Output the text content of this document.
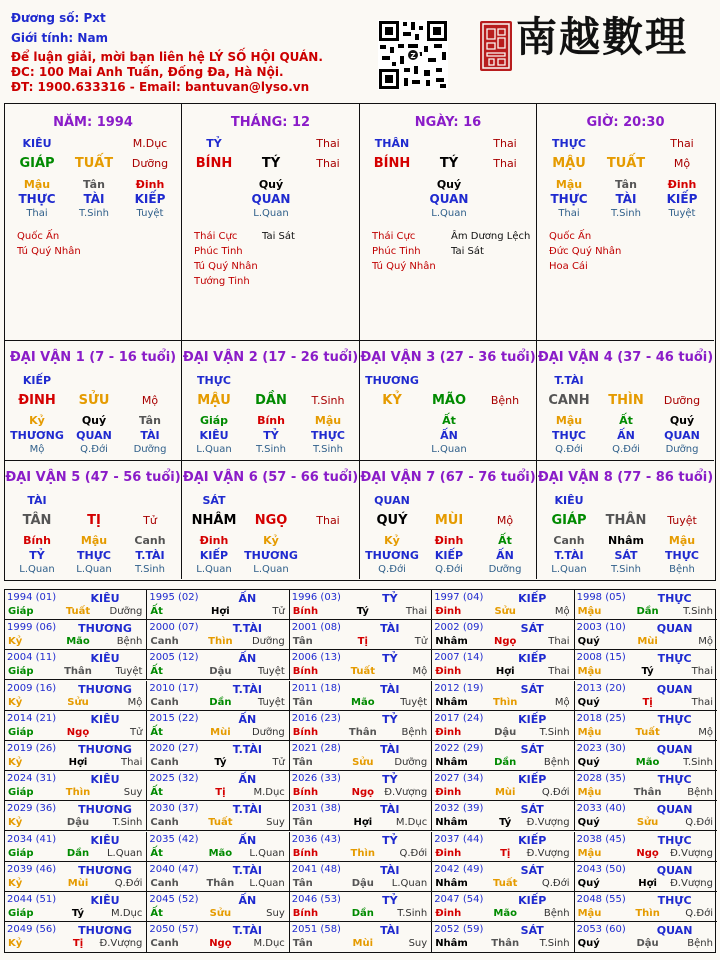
Đương số: Pxt
Giới tính: Nam
Để luận giải, mời bạn liên hệ LÝ SỐ HỘI QUÁN.
ĐC: 100 Mai Anh Tuấn, Đống Đa, Hà Nội.
ĐT: 1900.633316 - Email: bantuvan@lyso.vn
Z 南越數理
NĂM: 1994
KIÊU	M.Dục
GIÁP TUẤT Dưỡng
Mậu
THỰC
Thai
Tân
TÀI
T.Sinh
Đinh
KIẾP
Tuyệt
Quốc Ấn
Tú Quý Nhân
THÁNG: 12
TỶ	Thai
BÍNH TÝ	Thai
Quý
QUAN
L.Quan
Thái Cực
Phúc Tinh
Tú Quý Nhân
Tướng Tinh
Tai Sát
NGÀY: 16
THÂN	Thai
BÍNH TÝ	Thai
Quý
QUAN
L.Quan
Thái Cực
Phúc Tinh
Tú Quý Nhân
Âm Dương Lệch
Tai Sát
GIỜ: 20:30
THỰC	Thai
MẬU TUẤT	Mộ
Mậu
THỰC
Thai
Tân
TÀI
T.Sinh
Đinh
KIẾP
Tuyệt
Quốc Ấn
Đức Quý Nhân
Hoa Cái
ĐẠI VẬN 1 (7 - 16 tuổi)
KIẾP
ĐINH SỬU	Mộ
Kỷ
THƯƠNG
Mộ
Quý
QUAN
Q.Đới
Tân
TÀI
Dưỡng
ĐẠI VẬN 2 (17 - 26 tuổi)
THỰC
MẬU DẦN T.Sinh
Giáp
KIÊU
L.Quan
Bính
TỶ
T.Sinh
Mậu
THỰC
T.Sinh
ĐẠI VẬN 3 (27 - 36 tuổi)
THƯƠNG
KỶ MÃO Bệnh
Ất
ẤN
L.Quan
ĐẠI VẬN 4 (37 - 46 tuổi)
T.TÀI
CANH THÌN Dưỡng
Mậu
THỰC
Q.Đới
Ất
ẤN
Q.Đới
Quý
QUAN
Dưỡng
ĐẠI VẬN 5 (47 - 56 tuổi)
TÀI
TÂN	TỊ	Tử
Bính
TỶ
L.Quan
Mậu
THỰC
L.Quan
Canh
T.TÀI
T.Sinh
ĐẠI VẬN 6 (57 - 66 tuổi)
SÁT
NHÂM NGỌ	Thai
Đinh
KIẾP
L.Quan
Kỷ
THƯƠNG
L.Quan
ĐẠI VẬN 7 (67 - 76 tuổi)
QUAN
QUÝ MÙI	Mộ
Kỷ
THƯƠNG
Q.Đới
Đinh
KIẾP
Q.Đới
Ất
ẤN
Dưỡng
ĐẠI VẬN 8 (77 - 86 tuổi)
KIÊU
GIÁP THÂN Tuyệt
Canh
T.TÀI
L.Quan
Nhâm
SÁT
T.Sinh
Mậu
THỰC
Bệnh
1994 (01)	KIÊU
Giáp	Tuất	Dưỡng
1995 (02)	ẤN
Ất	Hợi	Tử
1996 (03)	TỶ
Bính	Tý	Thai
1997 (04)	KIẾP
Đinh	Sửu	Mộ
1998 (05)	THỰC
Mậu	Dần	T.Sinh
1999 (06)	THƯƠNG
Kỷ	Mão	Bệnh
2000 (07)	T.TÀI
Canh	Thìn	Dưỡng
2001 (08)	TÀI
Tân	Tị	Tử
2002 (09)	SÁT
Nhâm	Ngọ	Thai
2003 (10)	QUAN
Quý	Mùi	Mộ
2004 (11)	KIÊU
Giáp	Thân	Tuyệt
2005 (12)	ẤN
Ất	Dậu	Tuyệt
2006 (13)	TỶ
Bính	Tuất	Mộ
2007 (14)	KIẾP
Đinh	Hợi	Thai
2008 (15)	THỰC
Mậu	Tý	Thai
2009 (16)	THƯƠNG
Kỷ	Sửu	Mộ
2010 (17)	T.TÀI
Canh	Dần	Tuyệt
2011 (18)	TÀI
Tân	Mão	Tuyệt
2012 (19)	SÁT
Nhâm	Thìn	Mộ
2013 (20)	QUAN
Quý	Tị	Thai
2014 (21)	KIÊU
Giáp	Ngọ	Tử
2015 (22)	ẤN
Ất	Mùi	Dưỡng
2016 (23)	TỶ
Bính	Thân	Bệnh
2017 (24)	KIẾP
Đinh	Dậu	T.Sinh
2018 (25)	THỰC
Mậu	Tuất	Mộ
2019 (26)	THƯƠNG
Kỷ	Hợi	Thai
2020 (27)	T.TÀI
Canh	Tý	Tử
2021 (28)	TÀI
Tân	Sửu	Dưỡng
2022 (29)	SÁT
Nhâm	Dần	Bệnh
2023 (30)	QUAN
Quý	Mão	T.Sinh
2024 (31)	KIÊU
Giáp	Thìn	Suy
2025 (32)	ẤN
Ất	Tị	M.Dục
2026 (33)	TỶ
Bính	Ngọ	Đ.Vượng
2027 (34)	KIẾP
Đinh	Mùi	Q.Đới
2028 (35)	THỰC
Mậu	Thân	Bệnh
2029 (36)	THƯƠNG
Kỷ	Dậu	T.Sinh
2030 (37)	T.TÀI
Canh	Tuất	Suy
2031 (38)	TÀI
Tân	Hợi	M.Dục
2032 (39)	SÁT
Nhâm	Tý	Đ.Vượng
2033 (40)	QUAN
Quý	Sửu	Q.Đới
2034 (41)	KIÊU
Giáp	Dần	L.Quan
2035 (42)	ẤN
Ất	Mão	L.Quan
2036 (43)	TỶ
Bính	Thìn	Q.Đới
2037 (44)	KIẾP
Đinh	Tị	Đ.Vượng
2038 (45)	THỰC
Mậu	Ngọ	Đ.Vượng
2039 (46)	THƯƠNG
Kỷ	Mùi	Q.Đới
2040 (47)	T.TÀI
Canh	Thân	L.Quan
2041 (48)	TÀI
Tân	Dậu	L.Quan
2042 (49)	SÁT
Nhâm	Tuất	Q.Đới
2043 (50)	QUAN
Quý	Hợi	Đ.Vượng
2044 (51)	KIÊU
Giáp	Tý	M.Dục
2045 (52)	ẤN
Ất	Sửu	Suy
2046 (53)	TỶ
Bính	Dần	T.Sinh
2047 (54)	KIẾP
Đinh	Mão	Bệnh
2048 (55)	THỰC
Mậu	Thìn	Q.Đới
2049 (56)	THƯƠNG
Kỷ	Tị	Đ.Vượng
2050 (57)	T.TÀI
Canh	Ngọ	M.Dục
2051 (58)	TÀI
Tân	Mùi	Suy
2052 (59)	SÁT
Nhâm	Thân	T.Sinh
2053 (60)	QUAN
Quý	Dậu	Bệnh
